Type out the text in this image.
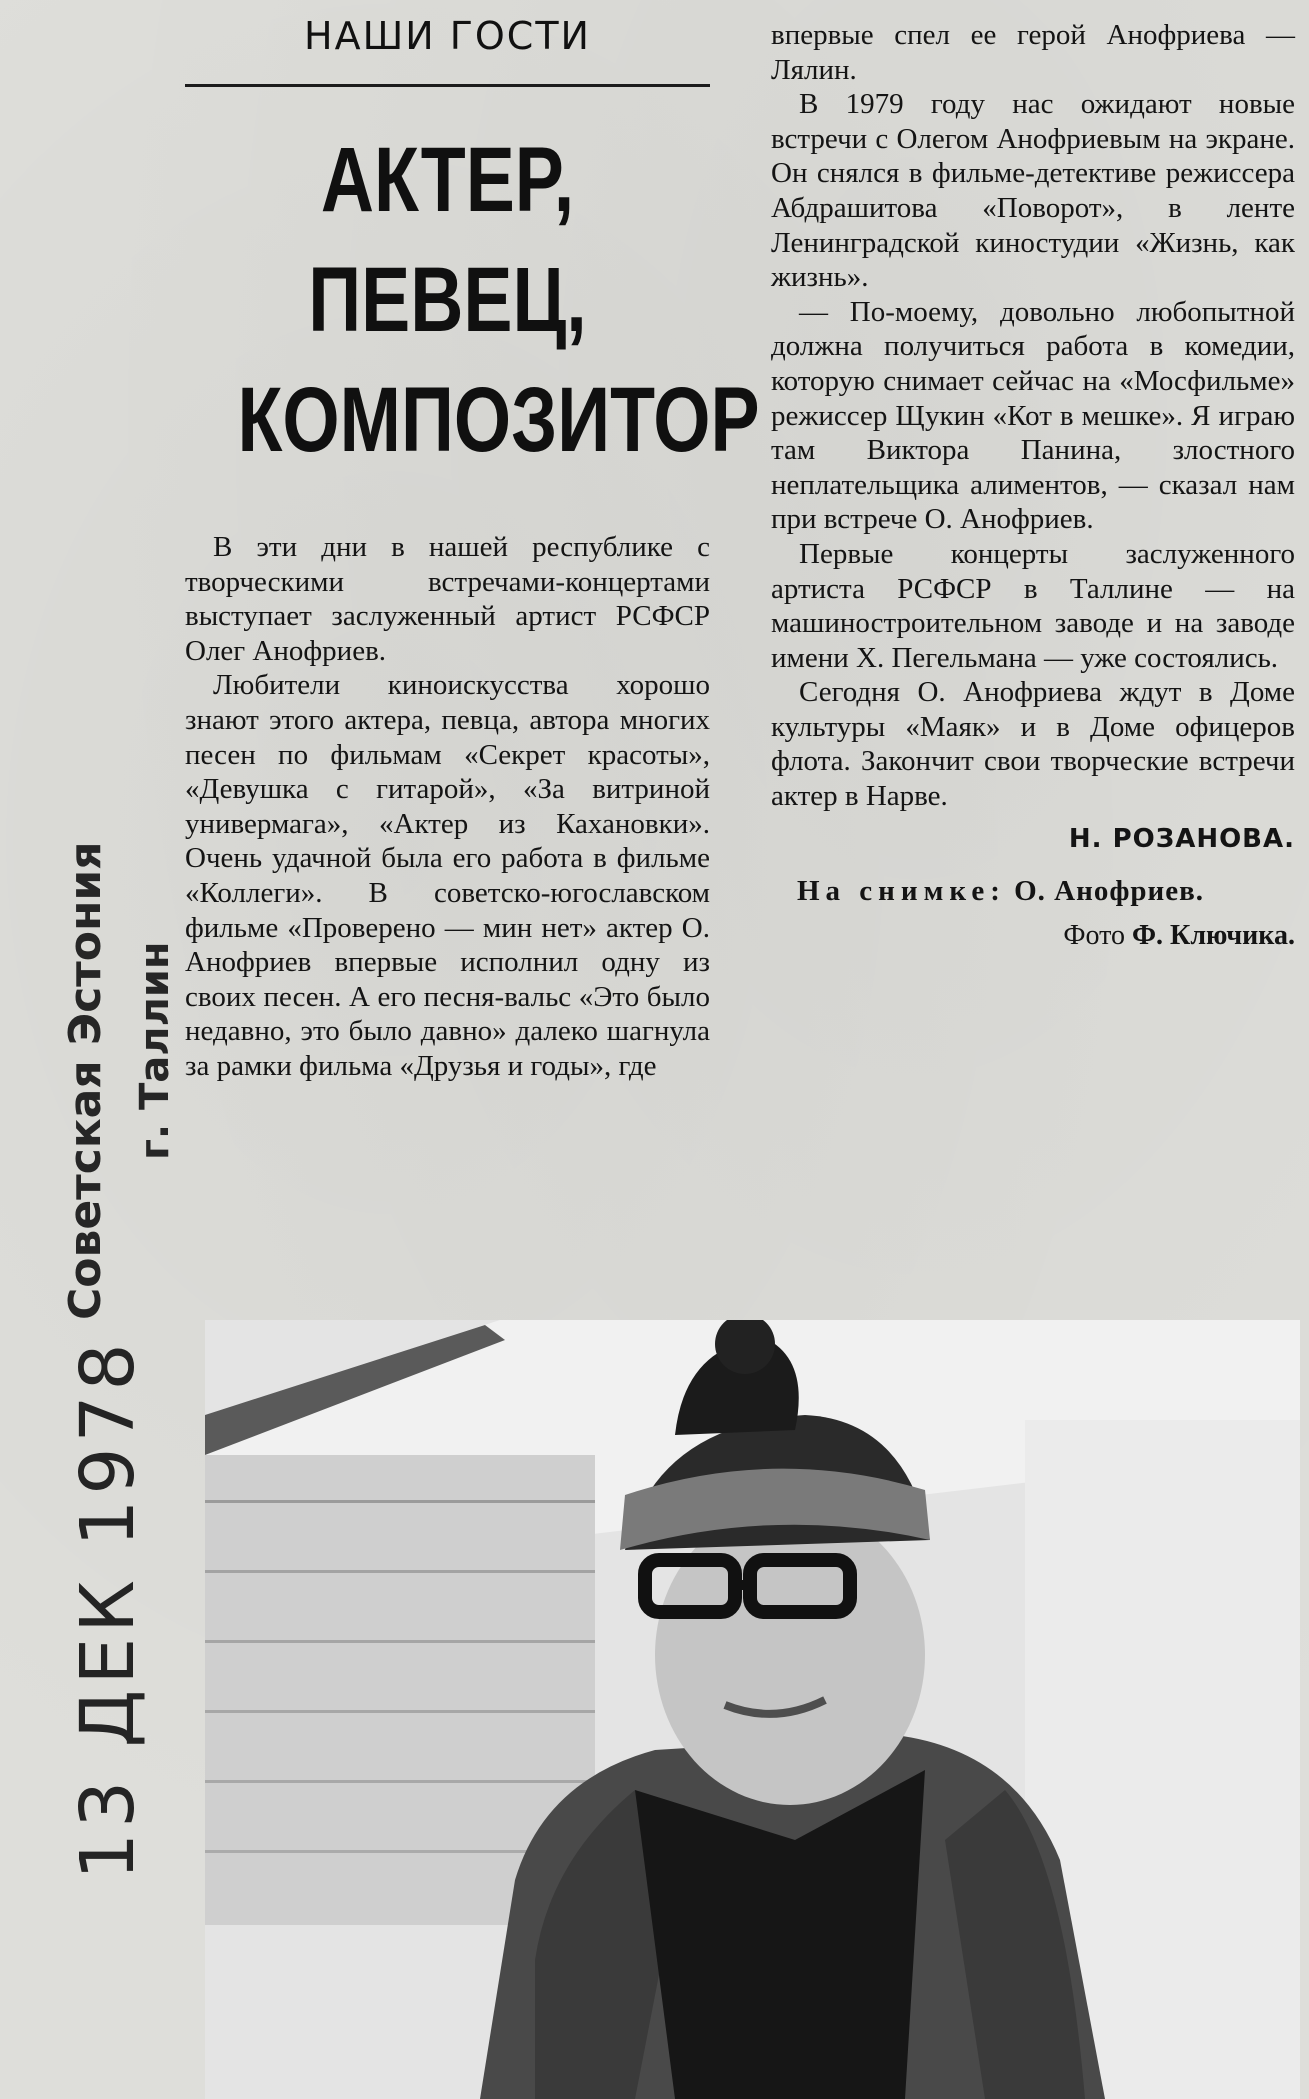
13 ДЕК 1978
Советская Эстония г. Таллин
НАШИ ГОСТИ
АКТЕР,
ПЕВЕЦ,
КОМПОЗИТОР

В эти дни в нашей республике с творческими встречами-концертами выступает заслуженный артист РСФСР Олег Анофриев.

Любители киноискусства хорошо знают этого актера, певца, автора многих песен по фильмам «Секрет красоты», «Девушка с гитарой», «За витриной универмага», «Актер из Кахановки». Очень удачной была его работа в фильме «Коллеги». В советско-югославском фильме «Проверено — мин нет» актер О. Анофриев впервые исполнил одну из своих песен. А его песня-вальс «Это было недавно, это было давно» далеко шагнула за рамки фильма «Друзья и годы», где

впервые спел ее герой Анофриева — Лялин.

В 1979 году нас ожидают новые встречи с Олегом Анофриевым на экране. Он снялся в фильме-детективе режиссера Абдрашитова «Поворот», в ленте Ленинградской киностудии «Жизнь, как жизнь».

— По-моему, довольно любопытной должна получиться работа в комедии, которую снимает сейчас на «Мосфильме» режиссер Щукин «Кот в мешке». Я играю там Виктора Панина, злостного неплательщика алиментов, — сказал нам при встрече О. Анофриев.

Первые концерты заслуженного артиста РСФСР в Таллине — на машиностроительном заводе и на заводе имени Х. Пегельмана — уже состоялись.

Сегодня О. Анофриева ждут в Доме культуры «Маяк» и в Доме офицеров флота. Закончит свои творческие встречи актер в Нарве.

Н. РОЗАНОВА.

На снимке: О. Анофриев.

Фото Ф. Ключика.
